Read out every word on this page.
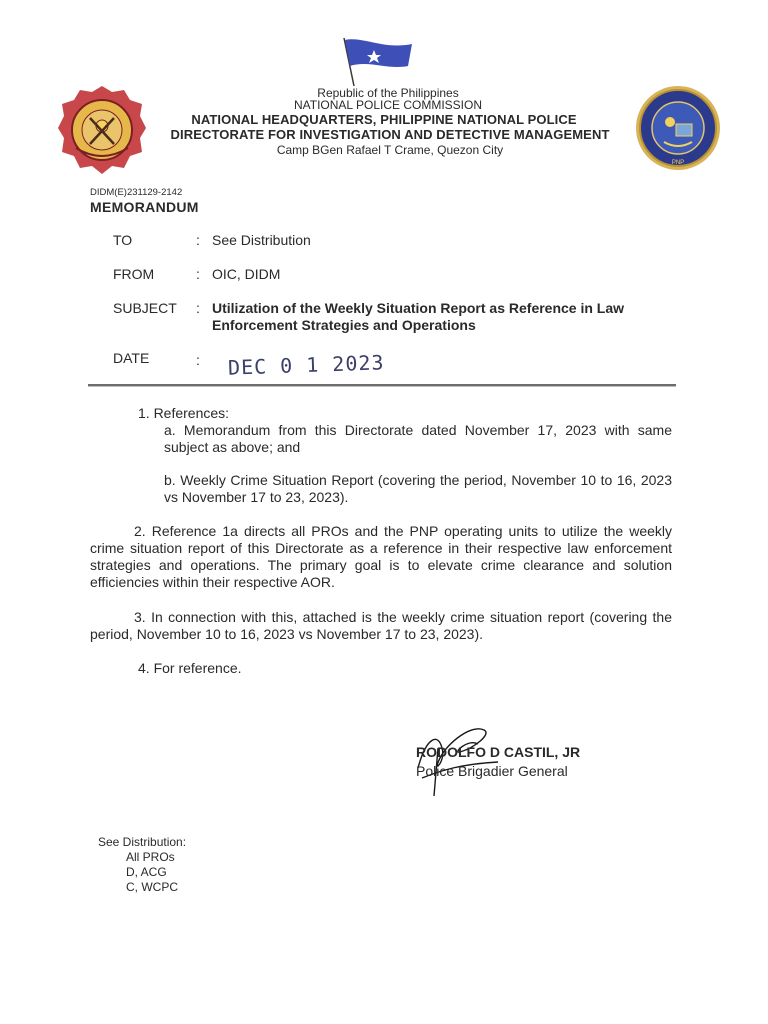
PNP
Republic of the Philippines
NATIONAL POLICE COMMISSION
NATIONAL HEADQUARTERS, PHILIPPINE NATIONAL POLICE
DIRECTORATE FOR INVESTIGATION AND DETECTIVE MANAGEMENT
Camp BGen Rafael T Crame, Quezon City
DIDM(E)231129-2142
MEMORANDUM
TO	: See Distribution
FROM	: OIC, DIDM
SUBJECT : Utilization of the Weekly Situation Report as Reference in Law Enforcement Strategies and Operations
DATE	: DEC 0 1 2023
1. References:
a. Memorandum from this Directorate dated November 17, 2023 with same subject as above; and
b. Weekly Crime Situation Report (covering the period, November 10 to 16, 2023 vs November 17 to 23, 2023).
2. Reference 1a directs all PROs and the PNP operating units to utilize the weekly crime situation report of this Directorate as a reference in their respective law enforcement strategies and operations. The primary goal is to elevate crime clearance and solution efficiencies within their respective AOR.
3. In connection with this, attached is the weekly crime situation report (covering the period, November 10 to 16, 2023 vs November 17 to 23, 2023).
4. For reference.
RODOLFO D CASTIL, JR
Police Brigadier General
See Distribution:
All PROs
D, ACG
C, WCPC
